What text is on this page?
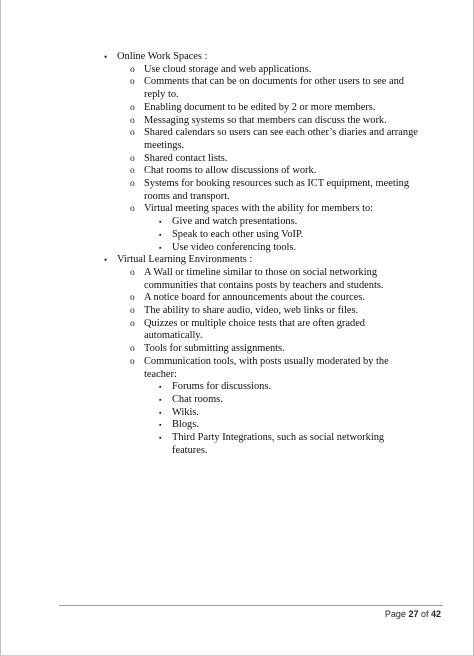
• Online Work Spaces :
o Use cloud storage and web applications.
o Comments that can be on documents for other users to see and
reply to.
o Enabling document to be edited by 2 or more members.
o Messaging systems so that members can discuss the work.
o Shared calendars so users can see each other’s diaries and arrange
meetings.
o Shared contact lists.
o Chat rooms to allow discussions of work.
o Systems for booking resources such as ICT equipment, meeting
rooms and transport.
o Virtual meeting spaces with the ability for members to:
▪ Give and watch presentations.
▪ Speak to each other using VoIP.
▪ Use video conferencing tools.
• Virtual Learning Environments :
o A Wall or timeline similar to those on social networking
communities that contains posts by teachers and students.
o A notice board for announcements about the cources.
o The ability to share audio, video, web links or files.
o Quizzes or multiple choice tests that are often graded
automatically.
o Tools for submitting assignments.
o Communication tools, with posts usually moderated by the
teacher:
▪ Forums for discussions.
▪ Chat rooms.
▪ Wikis.
▪ Blogs.
▪ Third Party Integrations, such as social networking
features.
Page 27 of 42
